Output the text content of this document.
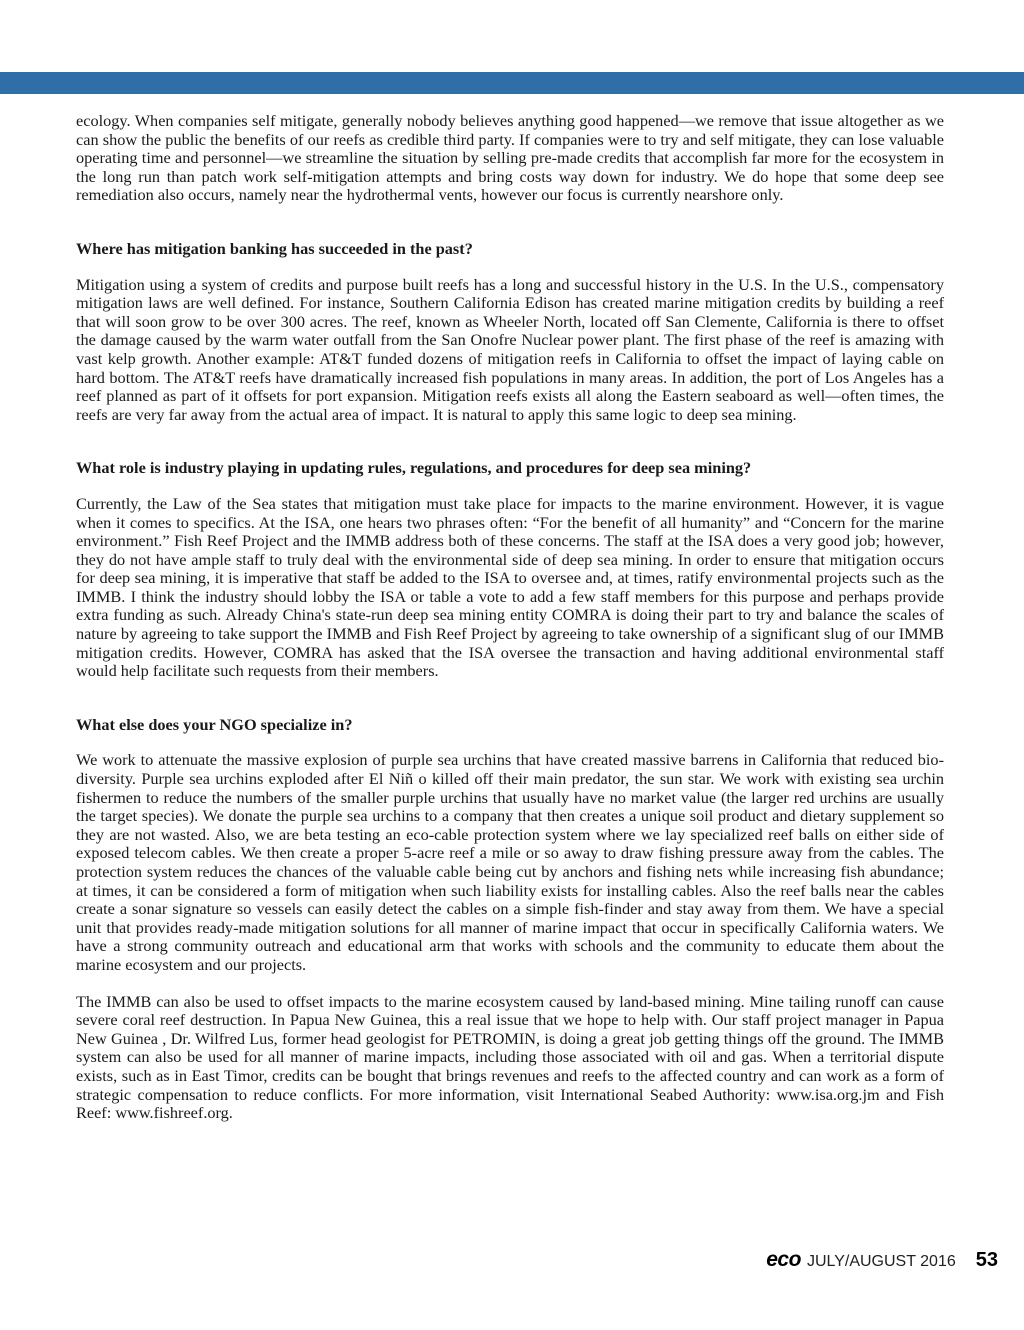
ecology. When companies self mitigate, generally nobody believes anything good happened—we remove that issue altogether as we can show the public the benefits of our reefs as credible third party. If companies were to try and self mitigate, they can lose valuable operating time and personnel—we streamline the situation by selling pre-made credits that accomplish far more for the ecosystem in the long run than patch work self-mitigation attempts and bring costs way down for industry. We do hope that some deep see remediation also occurs, namely near the hydrothermal vents, however our focus is currently nearshore only.

Where has mitigation banking has succeeded in the past?

Mitigation using a system of credits and purpose built reefs has a long and successful history in the U.S. In the U.S., compensatory mitigation laws are well defined. For instance, Southern California Edison has created marine mitigation credits by building a reef that will soon grow to be over 300 acres. The reef, known as Wheeler North, located off San Clemente, California is there to offset the damage caused by the warm water outfall from the San Onofre Nuclear power plant. The first phase of the reef is amazing with vast kelp growth. Another example: AT&T funded dozens of mitigation reefs in California to offset the impact of laying cable on hard bottom. The AT&T reefs have dramatically increased fish populations in many areas. In addition, the port of Los Angeles has a reef planned as part of it offsets for port expansion. Mitigation reefs exists all along the Eastern seaboard as well—often times, the reefs are very far away from the actual area of impact. It is natural to apply this same logic to deep sea mining.

What role is industry playing in updating rules, regulations, and procedures for deep sea mining?

Currently, the Law of the Sea states that mitigation must take place for impacts to the marine environment. However, it is vague when it comes to specifics. At the ISA, one hears two phrases often: “For the benefit of all humanity” and “Concern for the marine environment.” Fish Reef Project and the IMMB address both of these concerns. The staff at the ISA does a very good job; however, they do not have ample staff to truly deal with the environmental side of deep sea mining. In order to ensure that mitigation occurs for deep sea mining, it is imperative that staff be added to the ISA to oversee and, at times, ratify environmental projects such as the IMMB. I think the industry should lobby the ISA or table a vote to add a few staff members for this purpose and perhaps provide extra funding as such. Already China's state-run deep sea mining entity COMRA is doing their part to try and balance the scales of nature by agreeing to take support the IMMB and Fish Reef Project by agreeing to take ownership of a significant slug of our IMMB mitigation credits. However, COMRA has asked that the ISA oversee the transaction and having additional environmental staff would help facilitate such requests from their members.

What else does your NGO specialize in?

We work to attenuate the massive explosion of purple sea urchins that have created massive barrens in California that reduced bio-diversity. Purple sea urchins exploded after El Niñ o killed off their main predator, the sun star. We work with existing sea urchin fishermen to reduce the numbers of the smaller purple urchins that usually have no market value (the larger red urchins are usually the target species). We donate the purple sea urchins to a company that then creates a unique soil product and dietary supplement so they are not wasted. Also, we are beta testing an eco-cable protection system where we lay specialized reef balls on either side of exposed telecom cables. We then create a proper 5-acre reef a mile or so away to draw fishing pressure away from the cables. The protection system reduces the chances of the valuable cable being cut by anchors and fishing nets while increasing fish abundance; at times, it can be considered a form of mitigation when such liability exists for installing cables. Also the reef balls near the cables create a sonar signature so vessels can easily detect the cables on a simple fish-finder and stay away from them. We have a special unit that provides ready-made mitigation solutions for all manner of marine impact that occur in specifically California waters. We have a strong community outreach and educational arm that works with schools and the community to educate them about the marine ecosystem and our projects.

The IMMB can also be used to offset impacts to the marine ecosystem caused by land-based mining. Mine tailing runoff can cause severe coral reef destruction. In Papua New Guinea, this a real issue that we hope to help with. Our staff project manager in Papua New Guinea , Dr. Wilfred Lus, former head geologist for PETROMIN, is doing a great job getting things off the ground. The IMMB system can also be used for all manner of marine impacts, including those associated with oil and gas. When a territorial dispute exists, such as in East Timor, credits can be bought that brings revenues and reefs to the affected country and can work as a form of strategic compensation to reduce conflicts. For more information, visit International Seabed Authority: www.isa.org.jm and Fish Reef: www.fishreef.org.

eco JULY/AUGUST 2016 53
